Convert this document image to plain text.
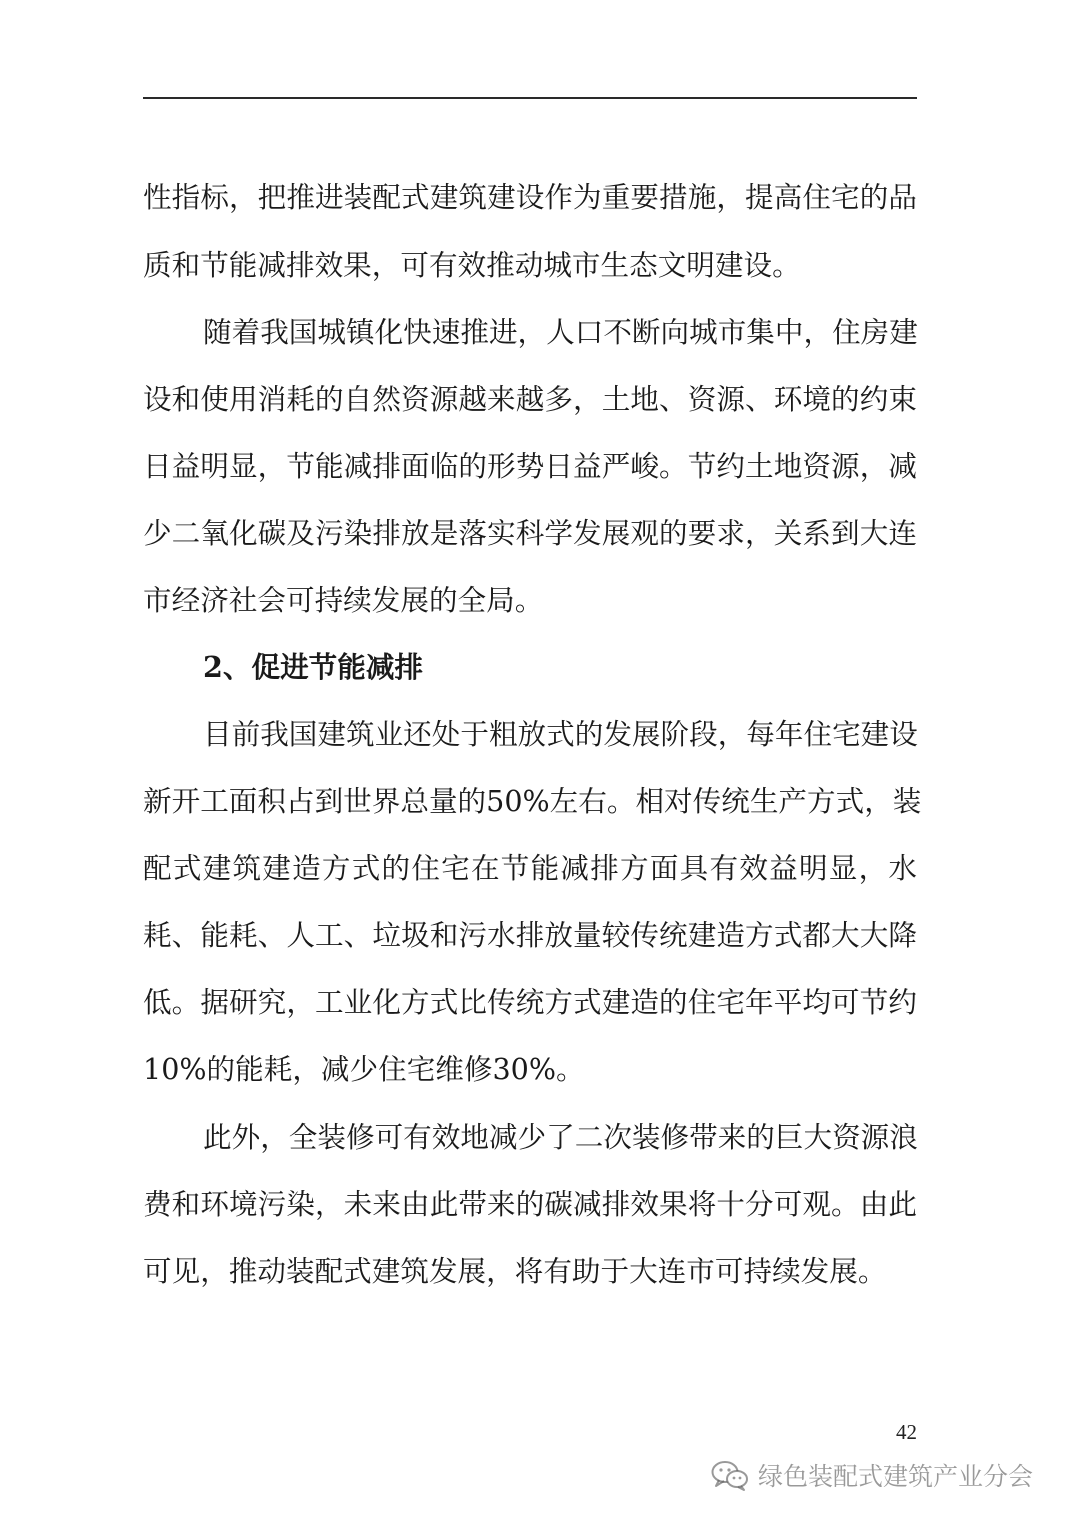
性指标，把推进装配式建筑建设作为重要措施，提高住宅的品
质和节能减排效果，可有效推动城市生态文明建设。
随着我国城镇化快速推进，人口不断向城市集中，住房建
设和使用消耗的自然资源越来越多，土地、资源、环境的约束
日益明显，节能减排面临的形势日益严峻。节约土地资源，减
少二氧化碳及污染排放是落实科学发展观的要求，关系到大连
市经济社会可持续发展的全局。
2、促进节能减排
目前我国建筑业还处于粗放式的发展阶段，每年住宅建设
新开工面积占到世界总量的50%左右。相对传统生产方式，装
配式建筑建造方式的住宅在节能减排方面具有效益明显，水
耗、能耗、人工、垃圾和污水排放量较传统建造方式都大大降
低。据研究，工业化方式比传统方式建造的住宅年平均可节约
10%的能耗，减少住宅维修30%。
此外，全装修可有效地减少了二次装修带来的巨大资源浪
费和环境污染，未来由此带来的碳减排效果将十分可观。由此
可见，推动装配式建筑发展，将有助于大连市可持续发展。
42
绿色装配式建筑产业分会
